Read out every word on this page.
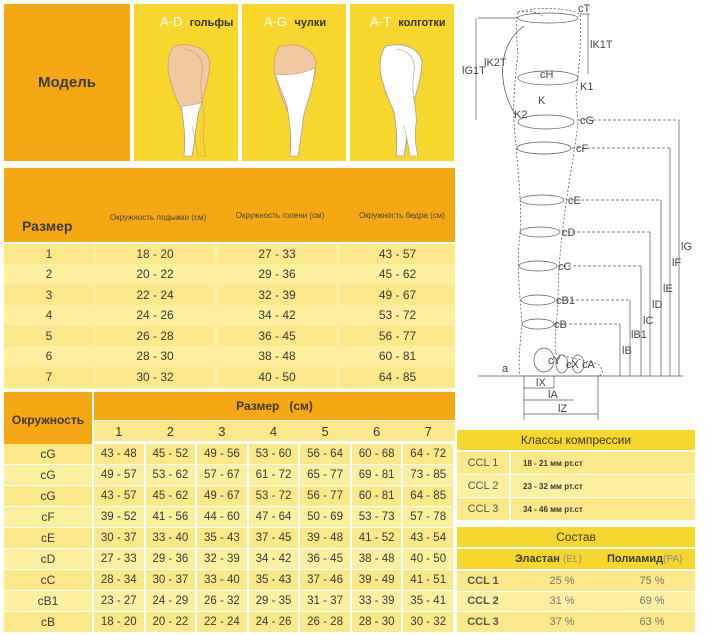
Модель
A-D гольфы A-G чулки	A-T колготки
Размер
Окружность лодыжки (см)	Окружность голени (см)	Окружность бедра (см)
1	18 - 20	27 - 33	43 - 57
2	20 - 22	29 - 36	45 - 62
3	22 - 24	32 - 39	49 - 67
4	24 - 26	34 - 42	53 - 72
5	26 - 28	36 - 45	56 - 77
6	28 - 30	38 - 48	60 - 81
7	30 - 32	40 - 50	64 - 85
Окружность
Размер   (см)
1	2	3	4	5	6	7
cG	43 - 48	45 - 52	49 - 56	53 - 60	56 - 64	60 - 68	64 - 72
cG	49 - 57	53 - 62	57 - 67	61 - 72	65 - 77	69 - 81	73 - 85
cG	43 - 57	45 - 62	49 - 67	53 - 72	56 - 77	60 - 81	64 - 85
cF	39 - 52	41 - 56	44 - 60	47 - 64	50 - 69	53 - 73	57 - 78
cE	30 - 37	33 - 40	35 - 43	37 - 45	39 - 48	41 - 52	43 - 54
cD	27 - 33	29 - 36	32 - 39	34 - 42	36 - 45	38 - 48	40 - 50
cC	28 - 34	30 - 37	33 - 40	35 - 43	37 - 46	39 - 49	41 - 51
cB1	23 - 27	24 - 29	26 - 32	29 - 35	31 - 37	33 - 39	35 - 41
cB	18 - 20	20 - 22	22 - 24	24 - 26	26 - 28	28 - 30	30 - 32
Классы компрессии
CCL 1	18 - 21 мм рт.ст
CCL 2	23 - 32 мм рт.ст
CCL 3	34 - 46 мм рт.ст
Состав
Эластан (EL) Полиамид(PA)
CCL 1	25 %	75 %
CCL 2	31 %	69 %
CCL 3	37 %	63 %
cT
lG1T
lK2T
lK1T
cH
K1
K
K2	cG
cF
cE
cD
cC
cB1
cB
cY cX cA
a
lG
lF
lE
lD
lC
lB1
lB
lX
lA
lZ
